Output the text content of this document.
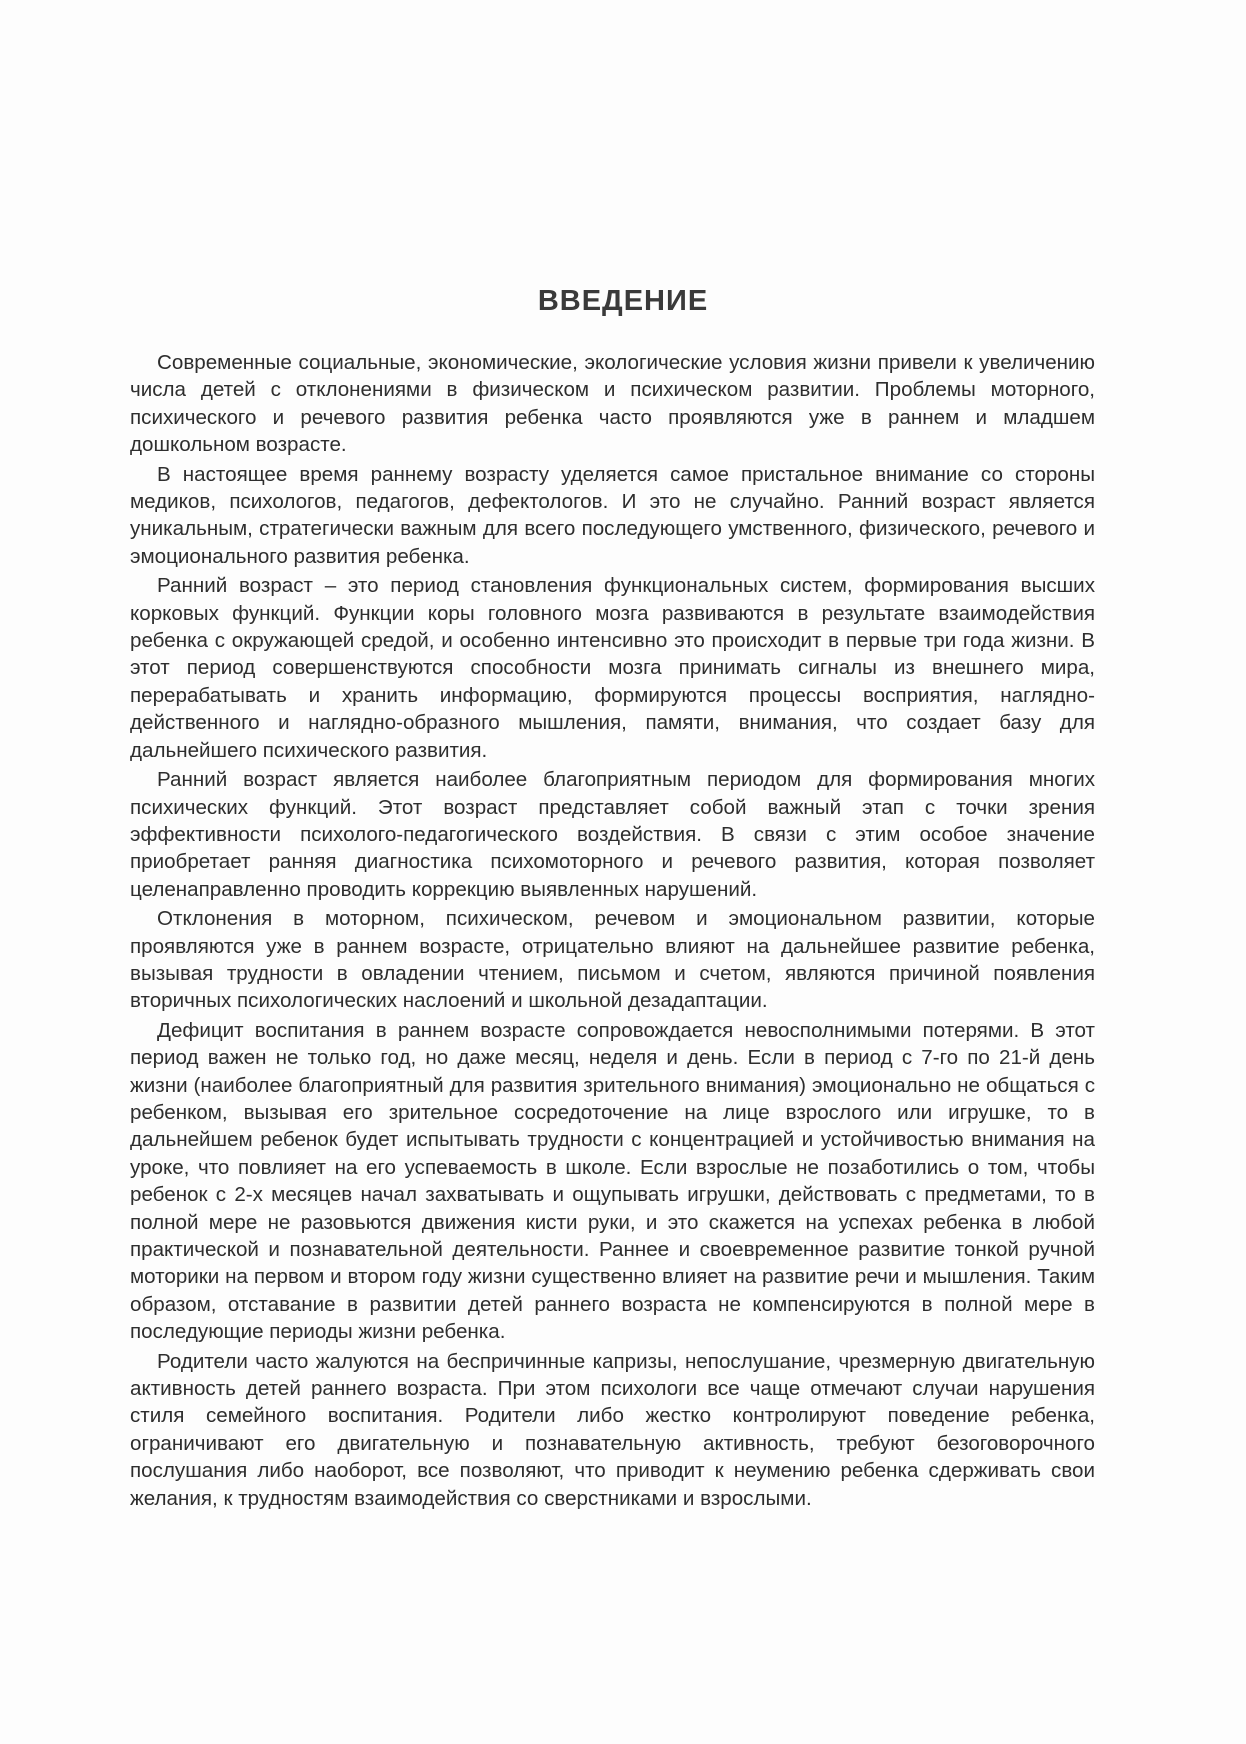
ВВЕДЕНИЕ

Современные социальные, экономические, экологические условия жизни привели к увеличению числа детей с отклонениями в физическом и психическом развитии. Проблемы моторного, психического и речевого развития ребенка часто проявляются уже в раннем и младшем дошкольном возрасте.

В настоящее время раннему возрасту уделяется самое пристальное внимание со стороны медиков, психологов, педагогов, дефектологов. И это не случайно. Ранний возраст является уникальным, стратегически важным для всего последующего умственного, физического, речевого и эмоционального развития ребенка.

Ранний возраст – это период становления функциональных систем, формирования высших корковых функций. Функции коры головного мозга развиваются в результате взаимодействия ребенка с окружающей средой, и особенно интенсивно это происходит в первые три года жизни. В этот период совершенствуются способности мозга принимать сигналы из внешнего мира, перерабатывать и хранить информацию, формируются процессы восприятия, наглядно-действенного и наглядно-образного мышления, памяти, внимания, что создает базу для дальнейшего психического развития.

Ранний возраст является наиболее благоприятным периодом для формирования многих психических функций. Этот возраст представляет собой важный этап с точки зрения эффективности психолого-педагогического воздействия. В связи с этим особое значение приобретает ранняя диагностика психомоторного и речевого развития, которая позволяет целенаправленно проводить коррекцию выявленных нарушений.

Отклонения в моторном, психическом, речевом и эмоциональном развитии, которые проявляются уже в раннем возрасте, отрицательно влияют на дальнейшее развитие ребенка, вызывая трудности в овладении чтением, письмом и счетом, являются причиной появления вторичных психологических наслоений и школьной дезадаптации.

Дефицит воспитания в раннем возрасте сопровождается невосполнимыми потерями. В этот период важен не только год, но даже месяц, неделя и день. Если в период с 7-го по 21-й день жизни (наиболее благоприятный для развития зрительного внимания) эмоционально не общаться с ребенком, вызывая его зрительное сосредоточение на лице взрослого или игрушке, то в дальнейшем ребенок будет испытывать трудности с концентрацией и устойчивостью внимания на уроке, что повлияет на его успеваемость в школе. Если взрослые не позаботились о том, чтобы ребенок с 2-х месяцев начал захватывать и ощупывать игрушки, действовать с предметами, то в полной мере не разовьются движения кисти руки, и это скажется на успехах ребенка в любой практической и познавательной деятельности. Раннее и своевременное развитие тонкой ручной моторики на первом и втором году жизни существенно влияет на развитие речи и мышления. Таким образом, отставание в развитии детей раннего возраста не компенсируются в полной мере в последующие периоды жизни ребенка.

Родители часто жалуются на беспричинные капризы, непослушание, чрезмерную двигательную активность детей раннего возраста. При этом психологи все чаще отмечают случаи нарушения стиля семейного воспитания. Родители либо жестко контролируют поведение ребенка, ограничивают его двигательную и познавательную активность, требуют безоговорочного послушания либо наоборот, все позволяют, что приводит к неумению ребенка сдерживать свои желания, к трудностям взаимодействия со сверстниками и взрослыми.
